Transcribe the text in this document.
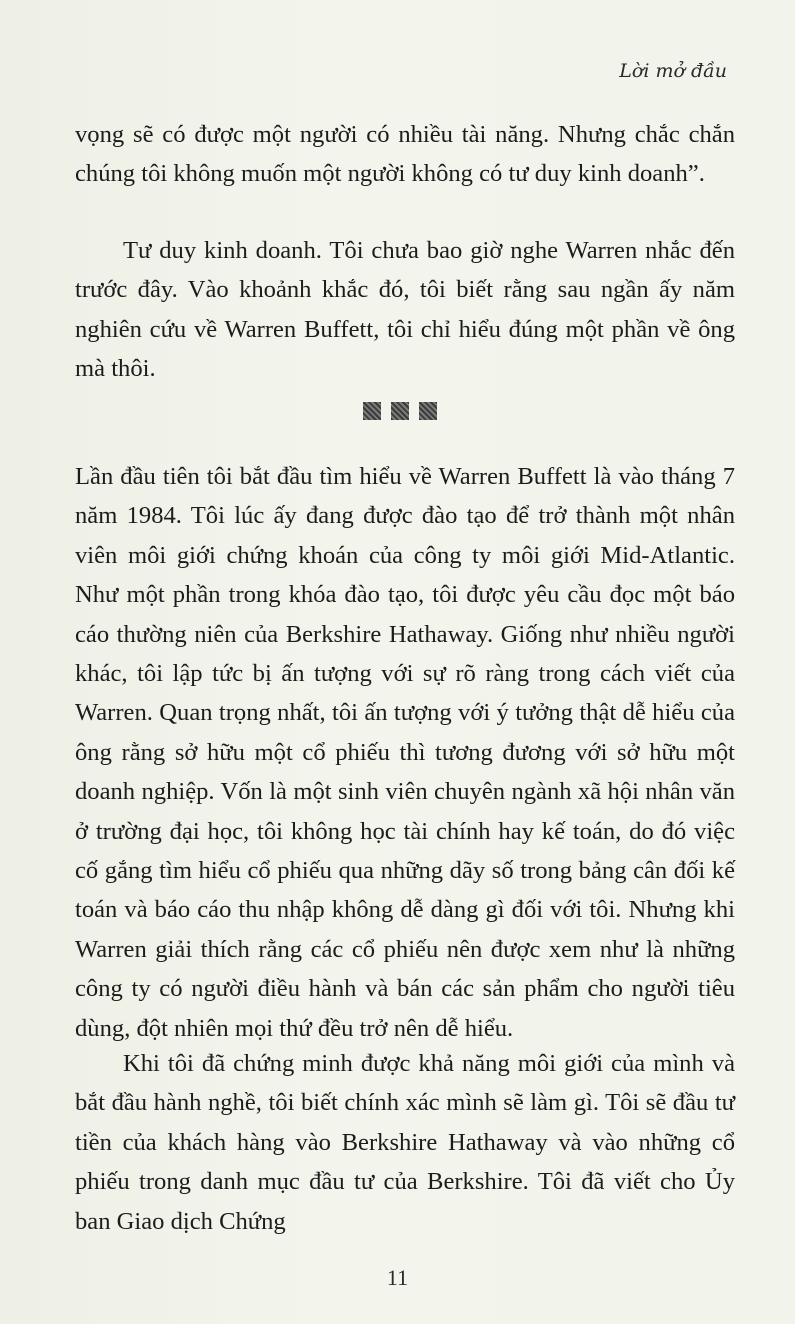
Lời mở đầu

vọng sẽ có được một người có nhiều tài năng. Nhưng chắc chắn chúng tôi không muốn một người không có tư duy kinh doanh”.

Tư duy kinh doanh. Tôi chưa bao giờ nghe Warren nhắc đến trước đây. Vào khoảnh khắc đó, tôi biết rằng sau ngần ấy năm nghiên cứu về Warren Buffett, tôi chỉ hiểu đúng một phần về ông mà thôi.

Lần đầu tiên tôi bắt đầu tìm hiểu về Warren Buffett là vào tháng 7 năm 1984. Tôi lúc ấy đang được đào tạo để trở thành một nhân viên môi giới chứng khoán của công ty môi giới Mid-Atlantic. Như một phần trong khóa đào tạo, tôi được yêu cầu đọc một báo cáo thường niên của Berkshire Hathaway. Giống như nhiều người khác, tôi lập tức bị ấn tượng với sự rõ ràng trong cách viết của Warren. Quan trọng nhất, tôi ấn tượng với ý tưởng thật dễ hiểu của ông rằng sở hữu một cổ phiếu thì tương đương với sở hữu một doanh nghiệp. Vốn là một sinh viên chuyên ngành xã hội nhân văn ở trường đại học, tôi không học tài chính hay kế toán, do đó việc cố gắng tìm hiểu cổ phiếu qua những dãy số trong bảng cân đối kế toán và báo cáo thu nhập không dễ dàng gì đối với tôi. Nhưng khi Warren giải thích rằng các cổ phiếu nên được xem như là những công ty có người điều hành và bán các sản phẩm cho người tiêu dùng, đột nhiên mọi thứ đều trở nên dễ hiểu.

Khi tôi đã chứng minh được khả năng môi giới của mình và bắt đầu hành nghề, tôi biết chính xác mình sẽ làm gì. Tôi sẽ đầu tư tiền của khách hàng vào Berkshire Hathaway và vào những cổ phiếu trong danh mục đầu tư của Berkshire. Tôi đã viết cho Ủy ban Giao dịch Chứng

11
